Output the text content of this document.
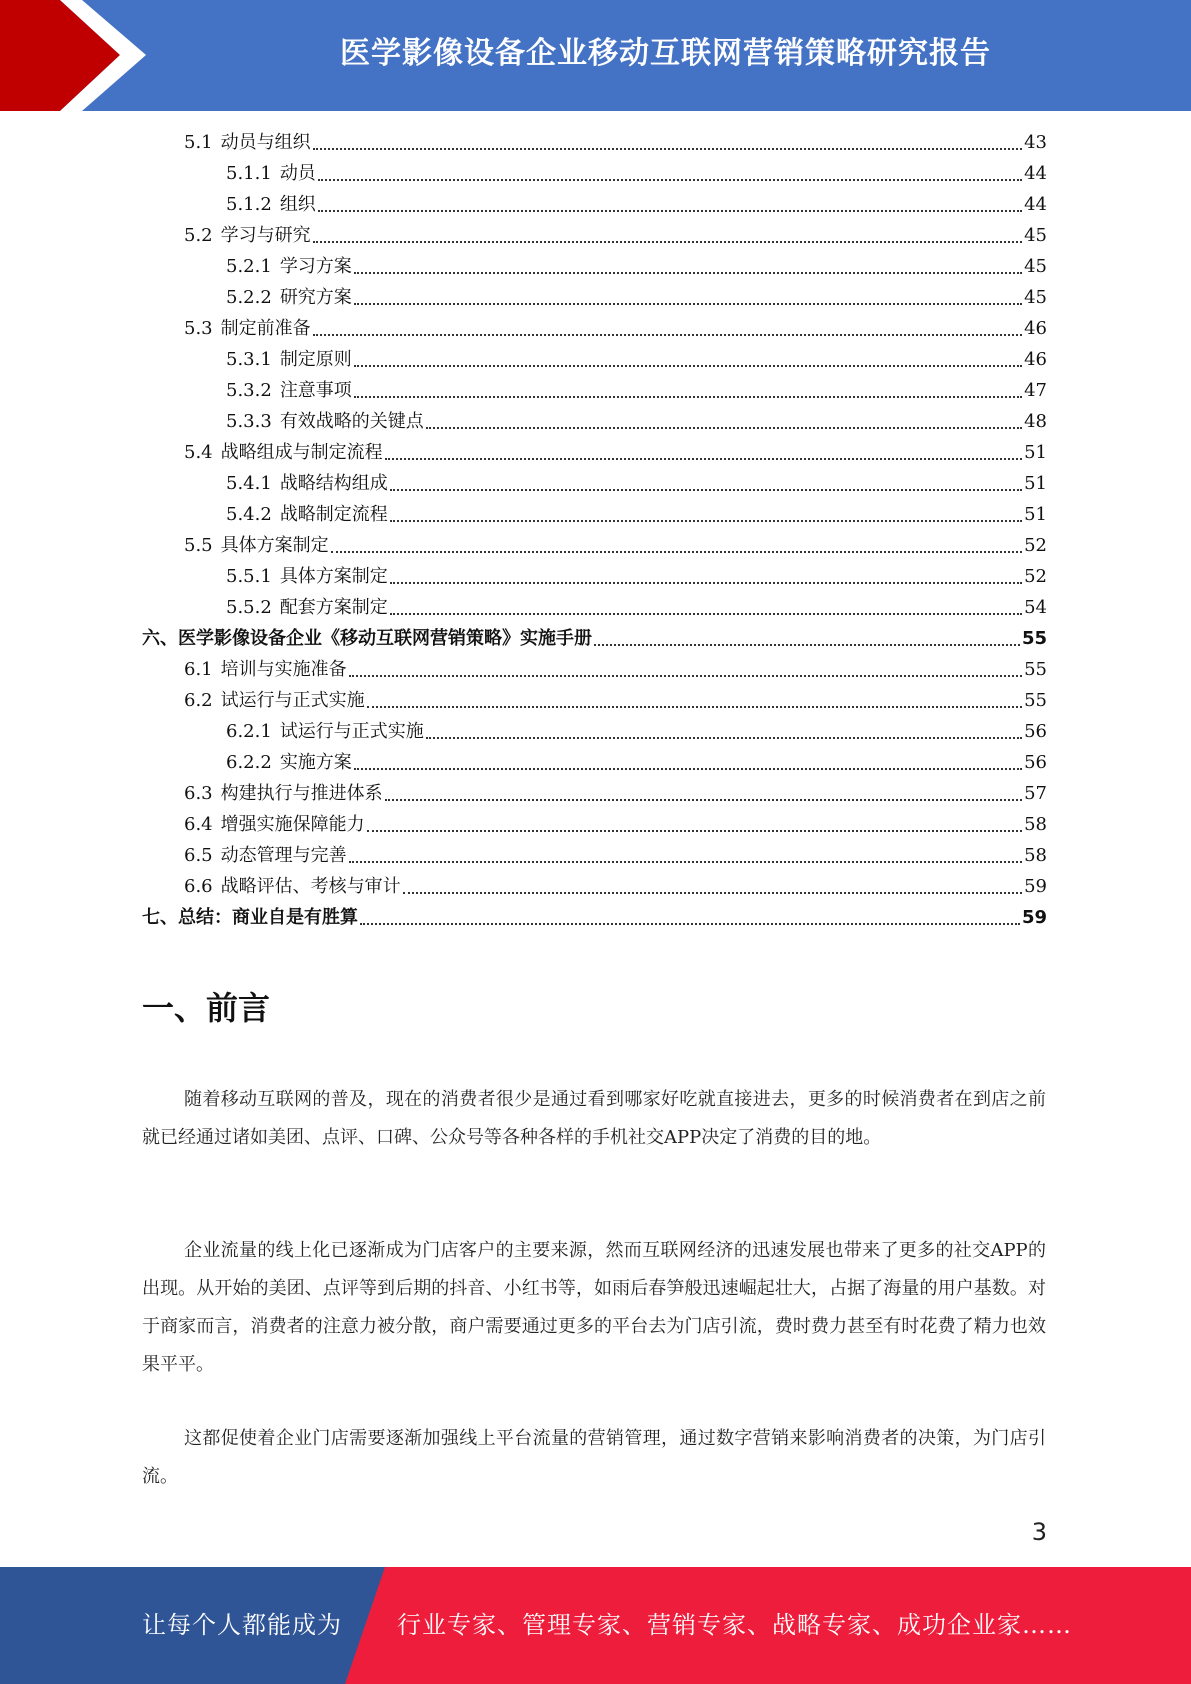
医学影像设备企业移动互联网营销策略研究报告
5.1 动员与组织	43
5.1.1 动员	44
5.1.2 组织	44
5.2 学习与研究	45
5.2.1 学习方案	45
5.2.2 研究方案	45
5.3 制定前准备	46
5.3.1 制定原则	46
5.3.2 注意事项	47
5.3.3 有效战略的关键点	48
5.4 战略组成与制定流程	51
5.4.1 战略结构组成	51
5.4.2 战略制定流程	51
5.5 具体方案制定	52
5.5.1 具体方案制定	52
5.5.2 配套方案制定	54
六、医学影像设备企业《移动互联网营销策略》实施手册	55
6.1 培训与实施准备	55
6.2 试运行与正式实施	55
6.2.1 试运行与正式实施	56
6.2.2 实施方案	56
6.3 构建执行与推进体系	57
6.4 增强实施保障能力	58
6.5 动态管理与完善	58
6.6 战略评估、考核与审计	59
七、总结：商业自是有胜算	59
一、前言

随着移动互联网的普及，现在的消费者很少是通过看到哪家好吃就直接进去，更多的时候消费者在到店之前就已经通过诸如美团、点评、口碑、公众号等各种各样的手机社交APP决定了消费的目的地。

企业流量的线上化已逐渐成为门店客户的主要来源，然而互联网经济的迅速发展也带来了更多的社交APP的出现。从开始的美团、点评等到后期的抖音、小红书等，如雨后春笋般迅速崛起壮大，占据了海量的用户基数。对于商家而言，消费者的注意力被分散，商户需要通过更多的平台去为门店引流，费时费力甚至有时花费了精力也效果平平。

这都促使着企业门店需要逐渐加强线上平台流量的营销管理，通过数字营销来影响消费者的决策，为门店引流。

3
让每个人都能成为 行业专家、管理专家、营销专家、战略专家、成功企业家……
